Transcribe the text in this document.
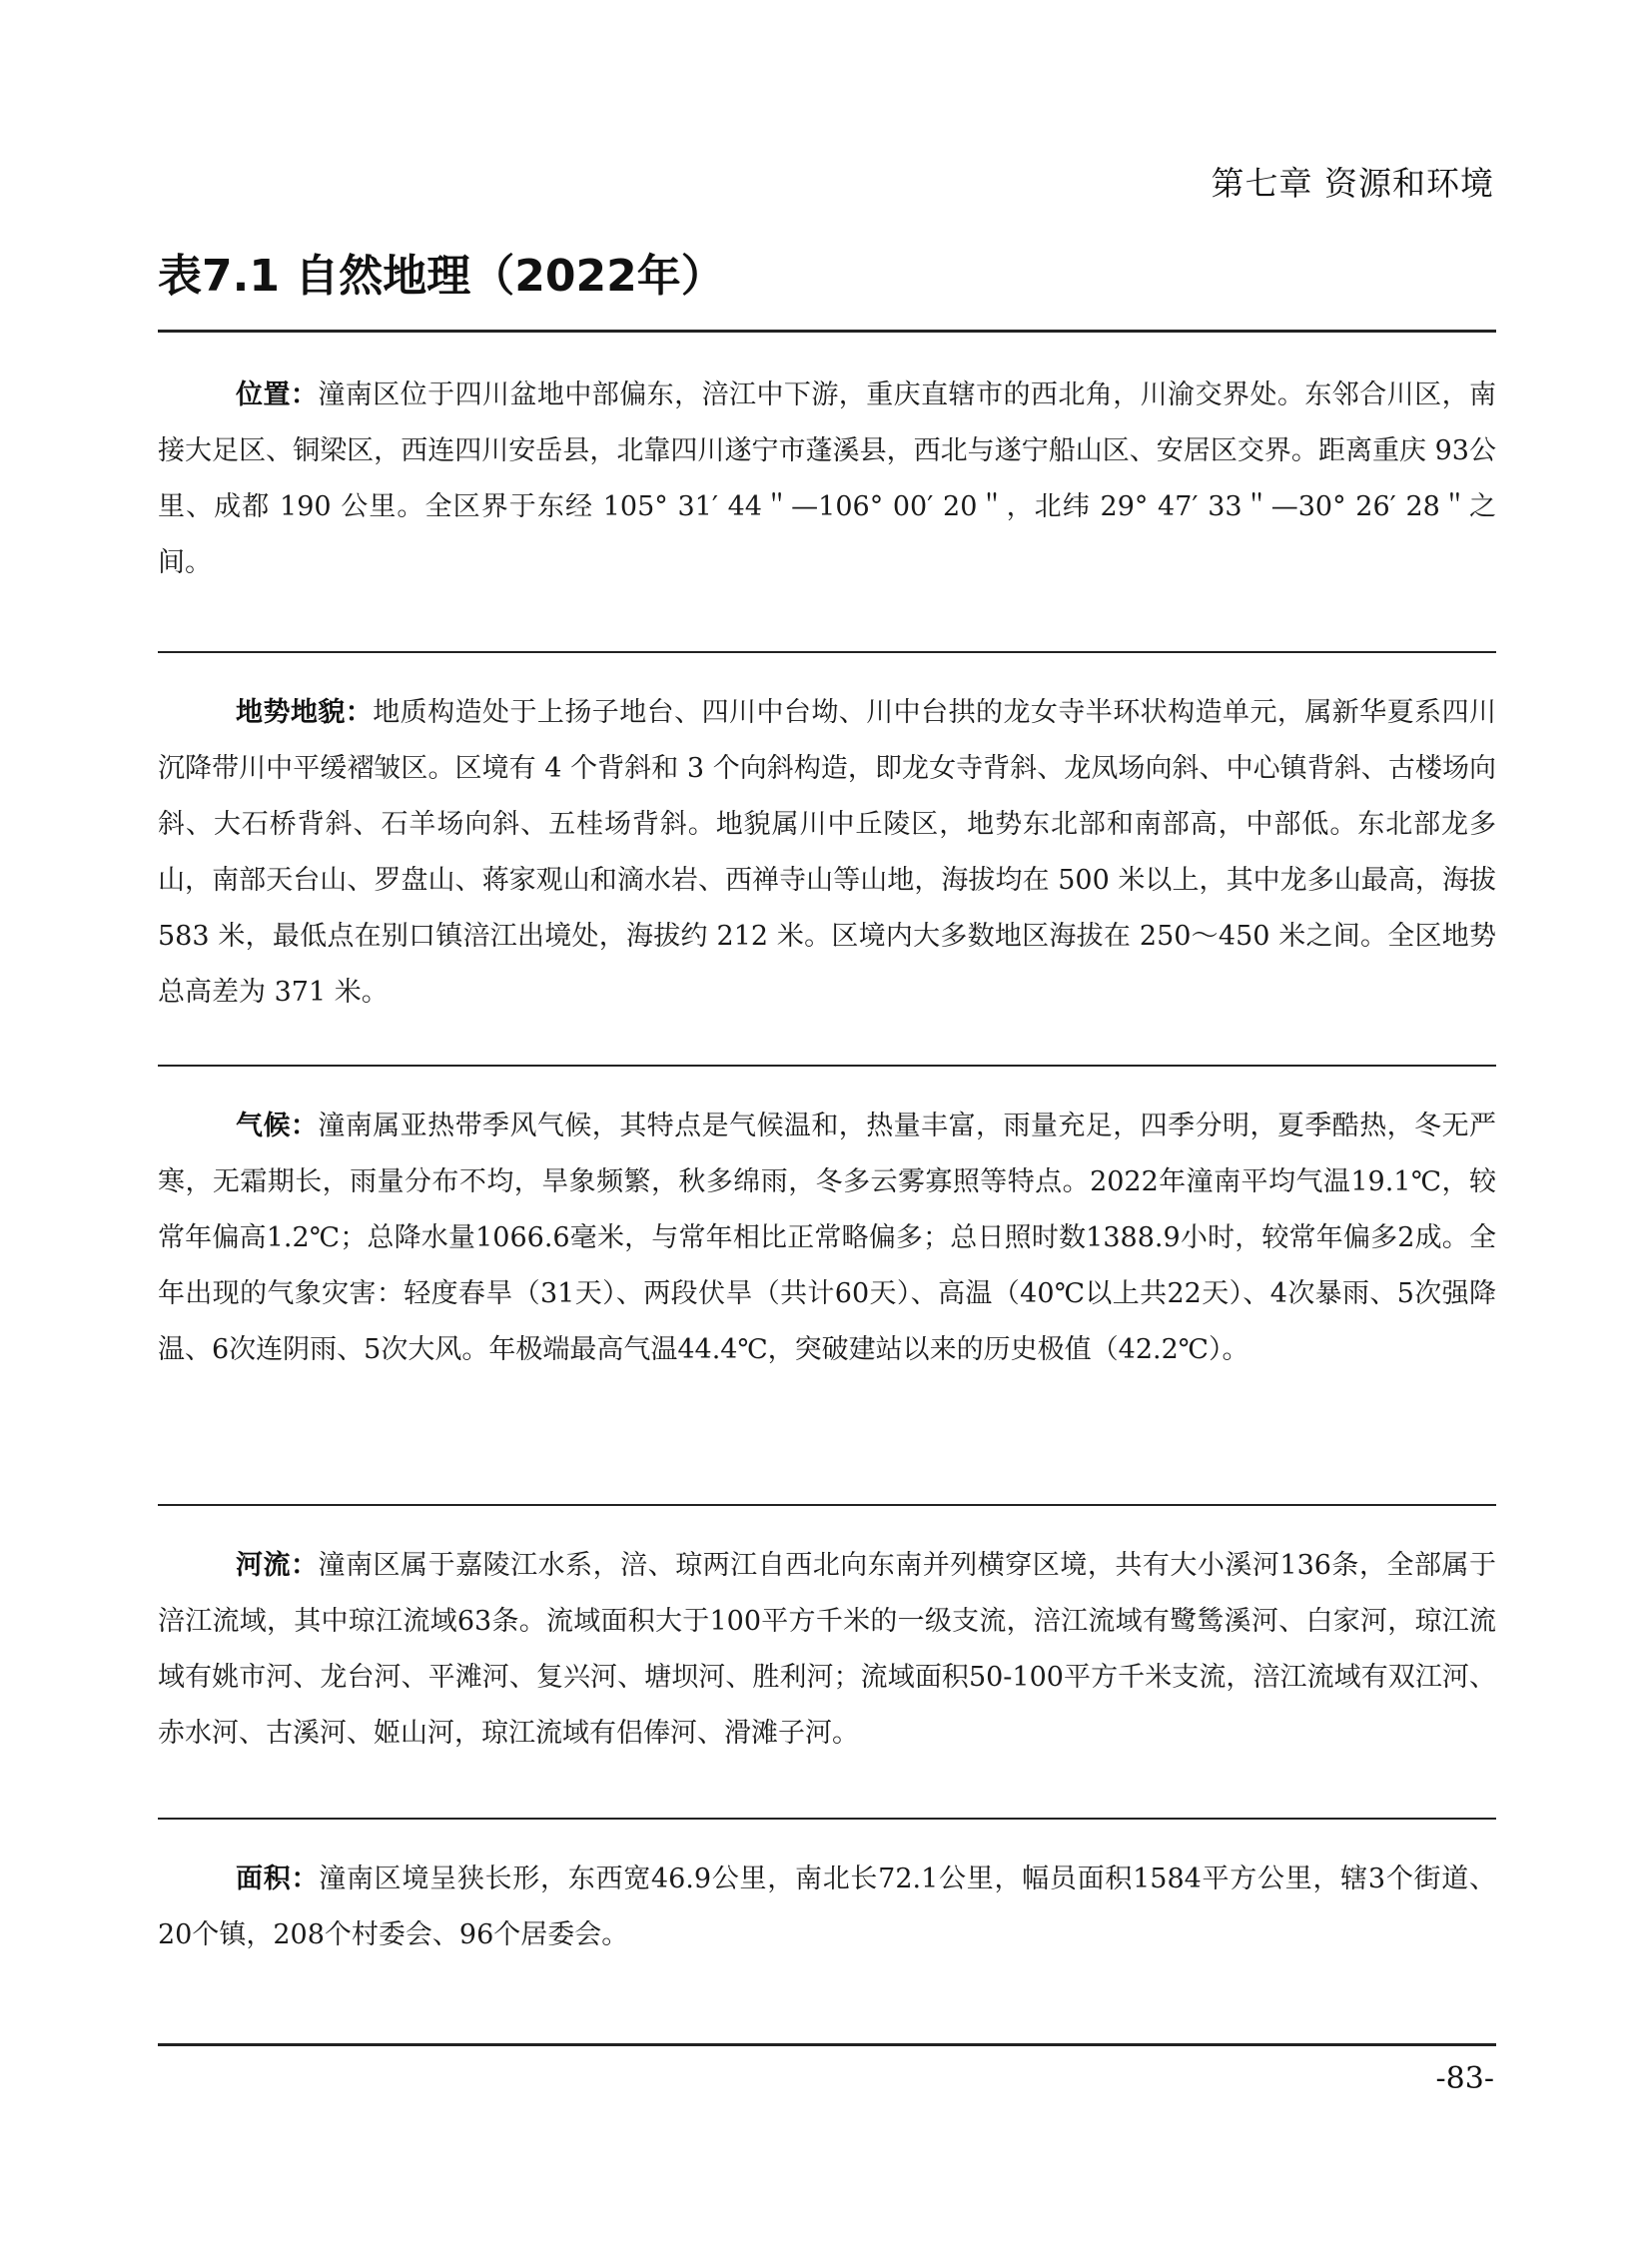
第七章 资源和环境
表7.1 自然地理（2022年）
位置：潼南区位于四川盆地中部偏东，涪江中下游，重庆直辖市的西北角，川渝交界处。东邻合川区，南接大足区、铜梁区，西连四川安岳县，北靠四川遂宁市蓬溪县，西北与遂宁船山区、安居区交界。距离重庆 93公里、成都 190 公里。全区界于东经 105° 31′ 44＂—106° 00′ 20＂，北纬 29° 47′ 33＂—30° 26′ 28＂之间。
地势地貌：地质构造处于上扬子地台、四川中台坳、川中台拱的龙女寺半环状构造单元，属新华夏系四川沉降带川中平缓褶皱区。区境有 4 个背斜和 3 个向斜构造，即龙女寺背斜、龙凤场向斜、中心镇背斜、古楼场向斜、大石桥背斜、石羊场向斜、五桂场背斜。地貌属川中丘陵区，地势东北部和南部高，中部低。东北部龙多山，南部天台山、罗盘山、蒋家观山和滴水岩、西禅寺山等山地，海拔均在 500 米以上，其中龙多山最高，海拔 583 米，最低点在别口镇涪江出境处，海拔约 212 米。区境内大多数地区海拔在 250～450 米之间。全区地势总高差为 371 米。
气候：潼南属亚热带季风气候，其特点是气候温和，热量丰富，雨量充足，四季分明，夏季酷热，冬无严寒，无霜期长，雨量分布不均，旱象频繁，秋多绵雨，冬多云雾寡照等特点。2022年潼南平均气温19.1℃，较常年偏高1.2℃；总降水量1066.6毫米，与常年相比正常略偏多；总日照时数1388.9小时，较常年偏多2成。全年出现的气象灾害：轻度春旱（31天）、两段伏旱（共计60天）、高温（40℃以上共22天）、4次暴雨、5次强降温、6次连阴雨、5次大风。年极端最高气温44.4℃，突破建站以来的历史极值（42.2℃）。
河流：潼南区属于嘉陵江水系，涪、琼两江自西北向东南并列横穿区境，共有大小溪河136条，全部属于涪江流域，其中琼江流域63条。流域面积大于100平方千米的一级支流，涪江流域有鹭鸶溪河、白家河，琼江流域有姚市河、龙台河、平滩河、复兴河、塘坝河、胜利河；流域面积50-100平方千米支流，涪江流域有双江河、赤水河、古溪河、姬山河，琼江流域有侣俸河、滑滩子河。
面积：潼南区境呈狭长形，东西宽46.9公里，南北长72.1公里，幅员面积1584平方公里，辖3个街道、20个镇，208个村委会、96个居委会。
-83-
